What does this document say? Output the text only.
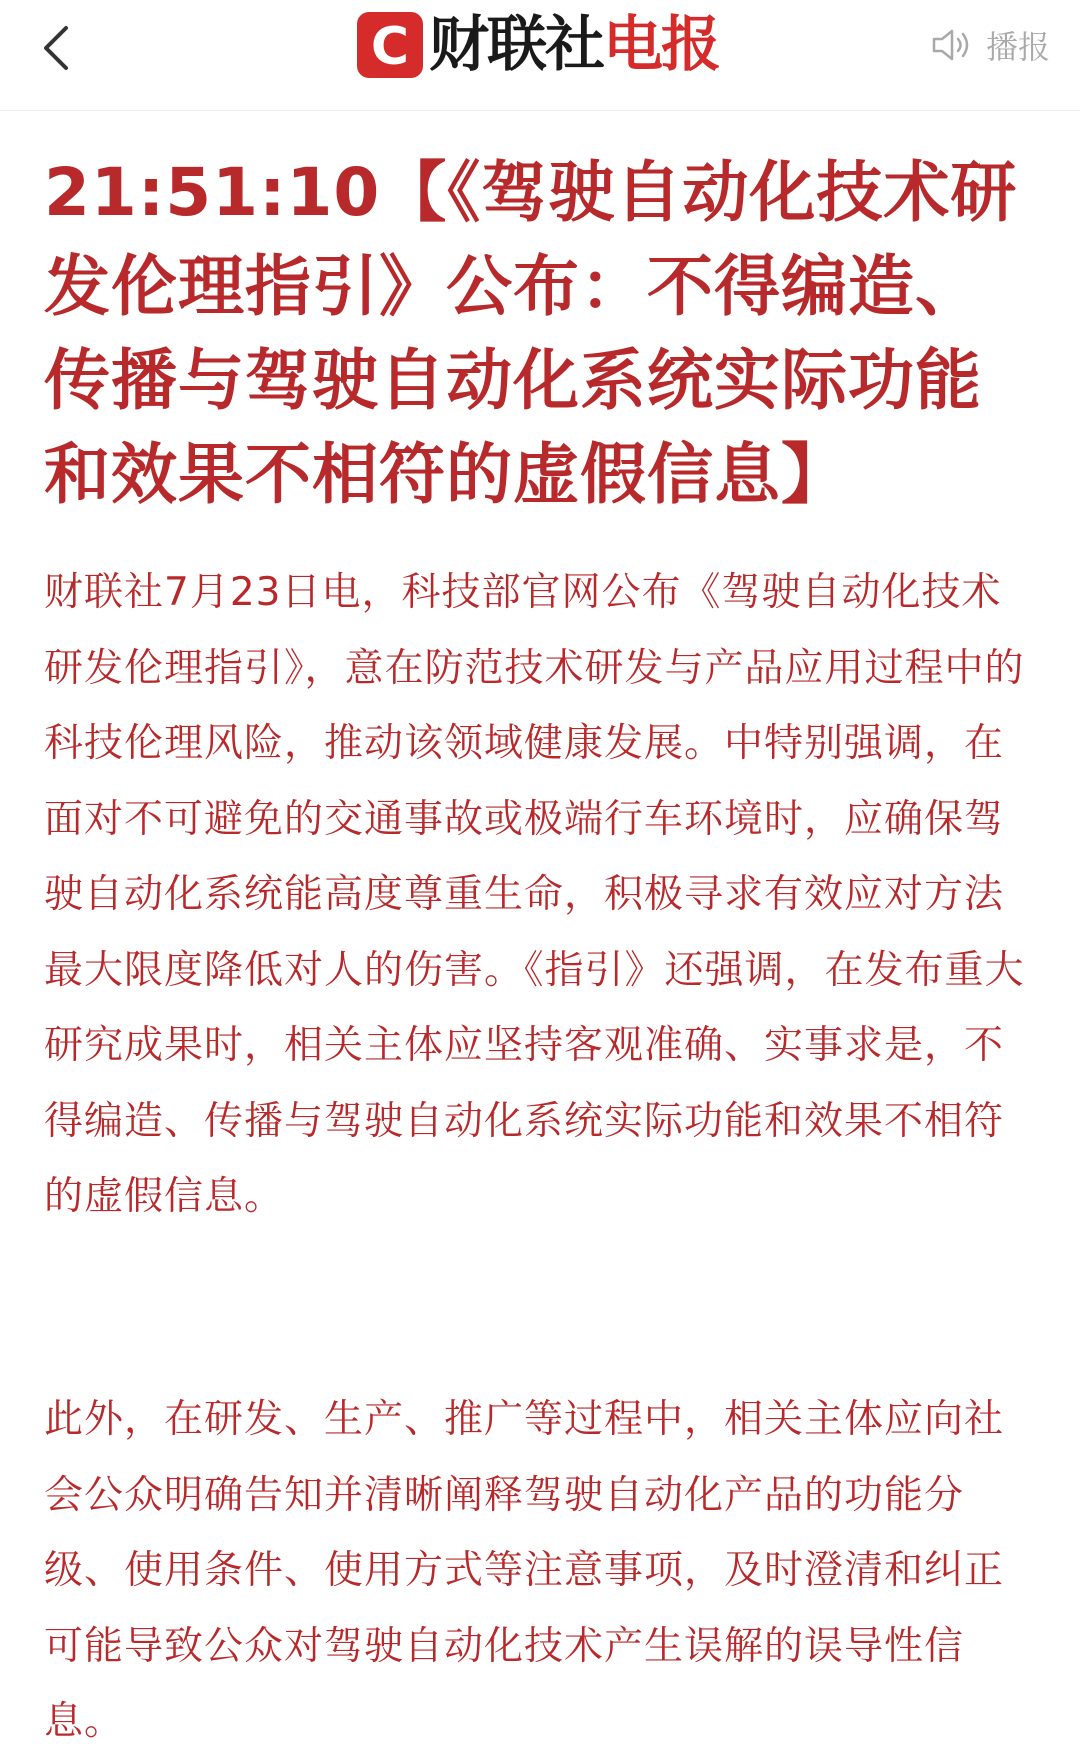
C 财联社 电报	播报
21:51:10【《驾驶自动化技术研发伦理指引》公布：不得编造、传播与驾驶自动化系统实际功能和效果不相符的虚假信息】

财联社7月23日电，科技部官网公布《驾驶自动化技术研发伦理指引》，意在防范技术研发与产品应用过程中的科技伦理风险，推动该领域健康发展。中特别强调，在面对不可避免的交通事故或极端行车环境时，应确保驾驶自动化系统能高度尊重生命，积极寻求有效应对方法最大限度降低对人的伤害。《指引》还强调，在发布重大研究成果时，相关主体应坚持客观准确、实事求是，不得编造、传播与驾驶自动化系统实际功能和效果不相符的虚假信息。

此外，在研发、生产、推广等过程中，相关主体应向社会公众明确告知并清晰阐释驾驶自动化产品的功能分级、使用条件、使用方式等注意事项，及时澄清和纠正可能导致公众对驾驶自动化技术产生误解的误导性信息。
